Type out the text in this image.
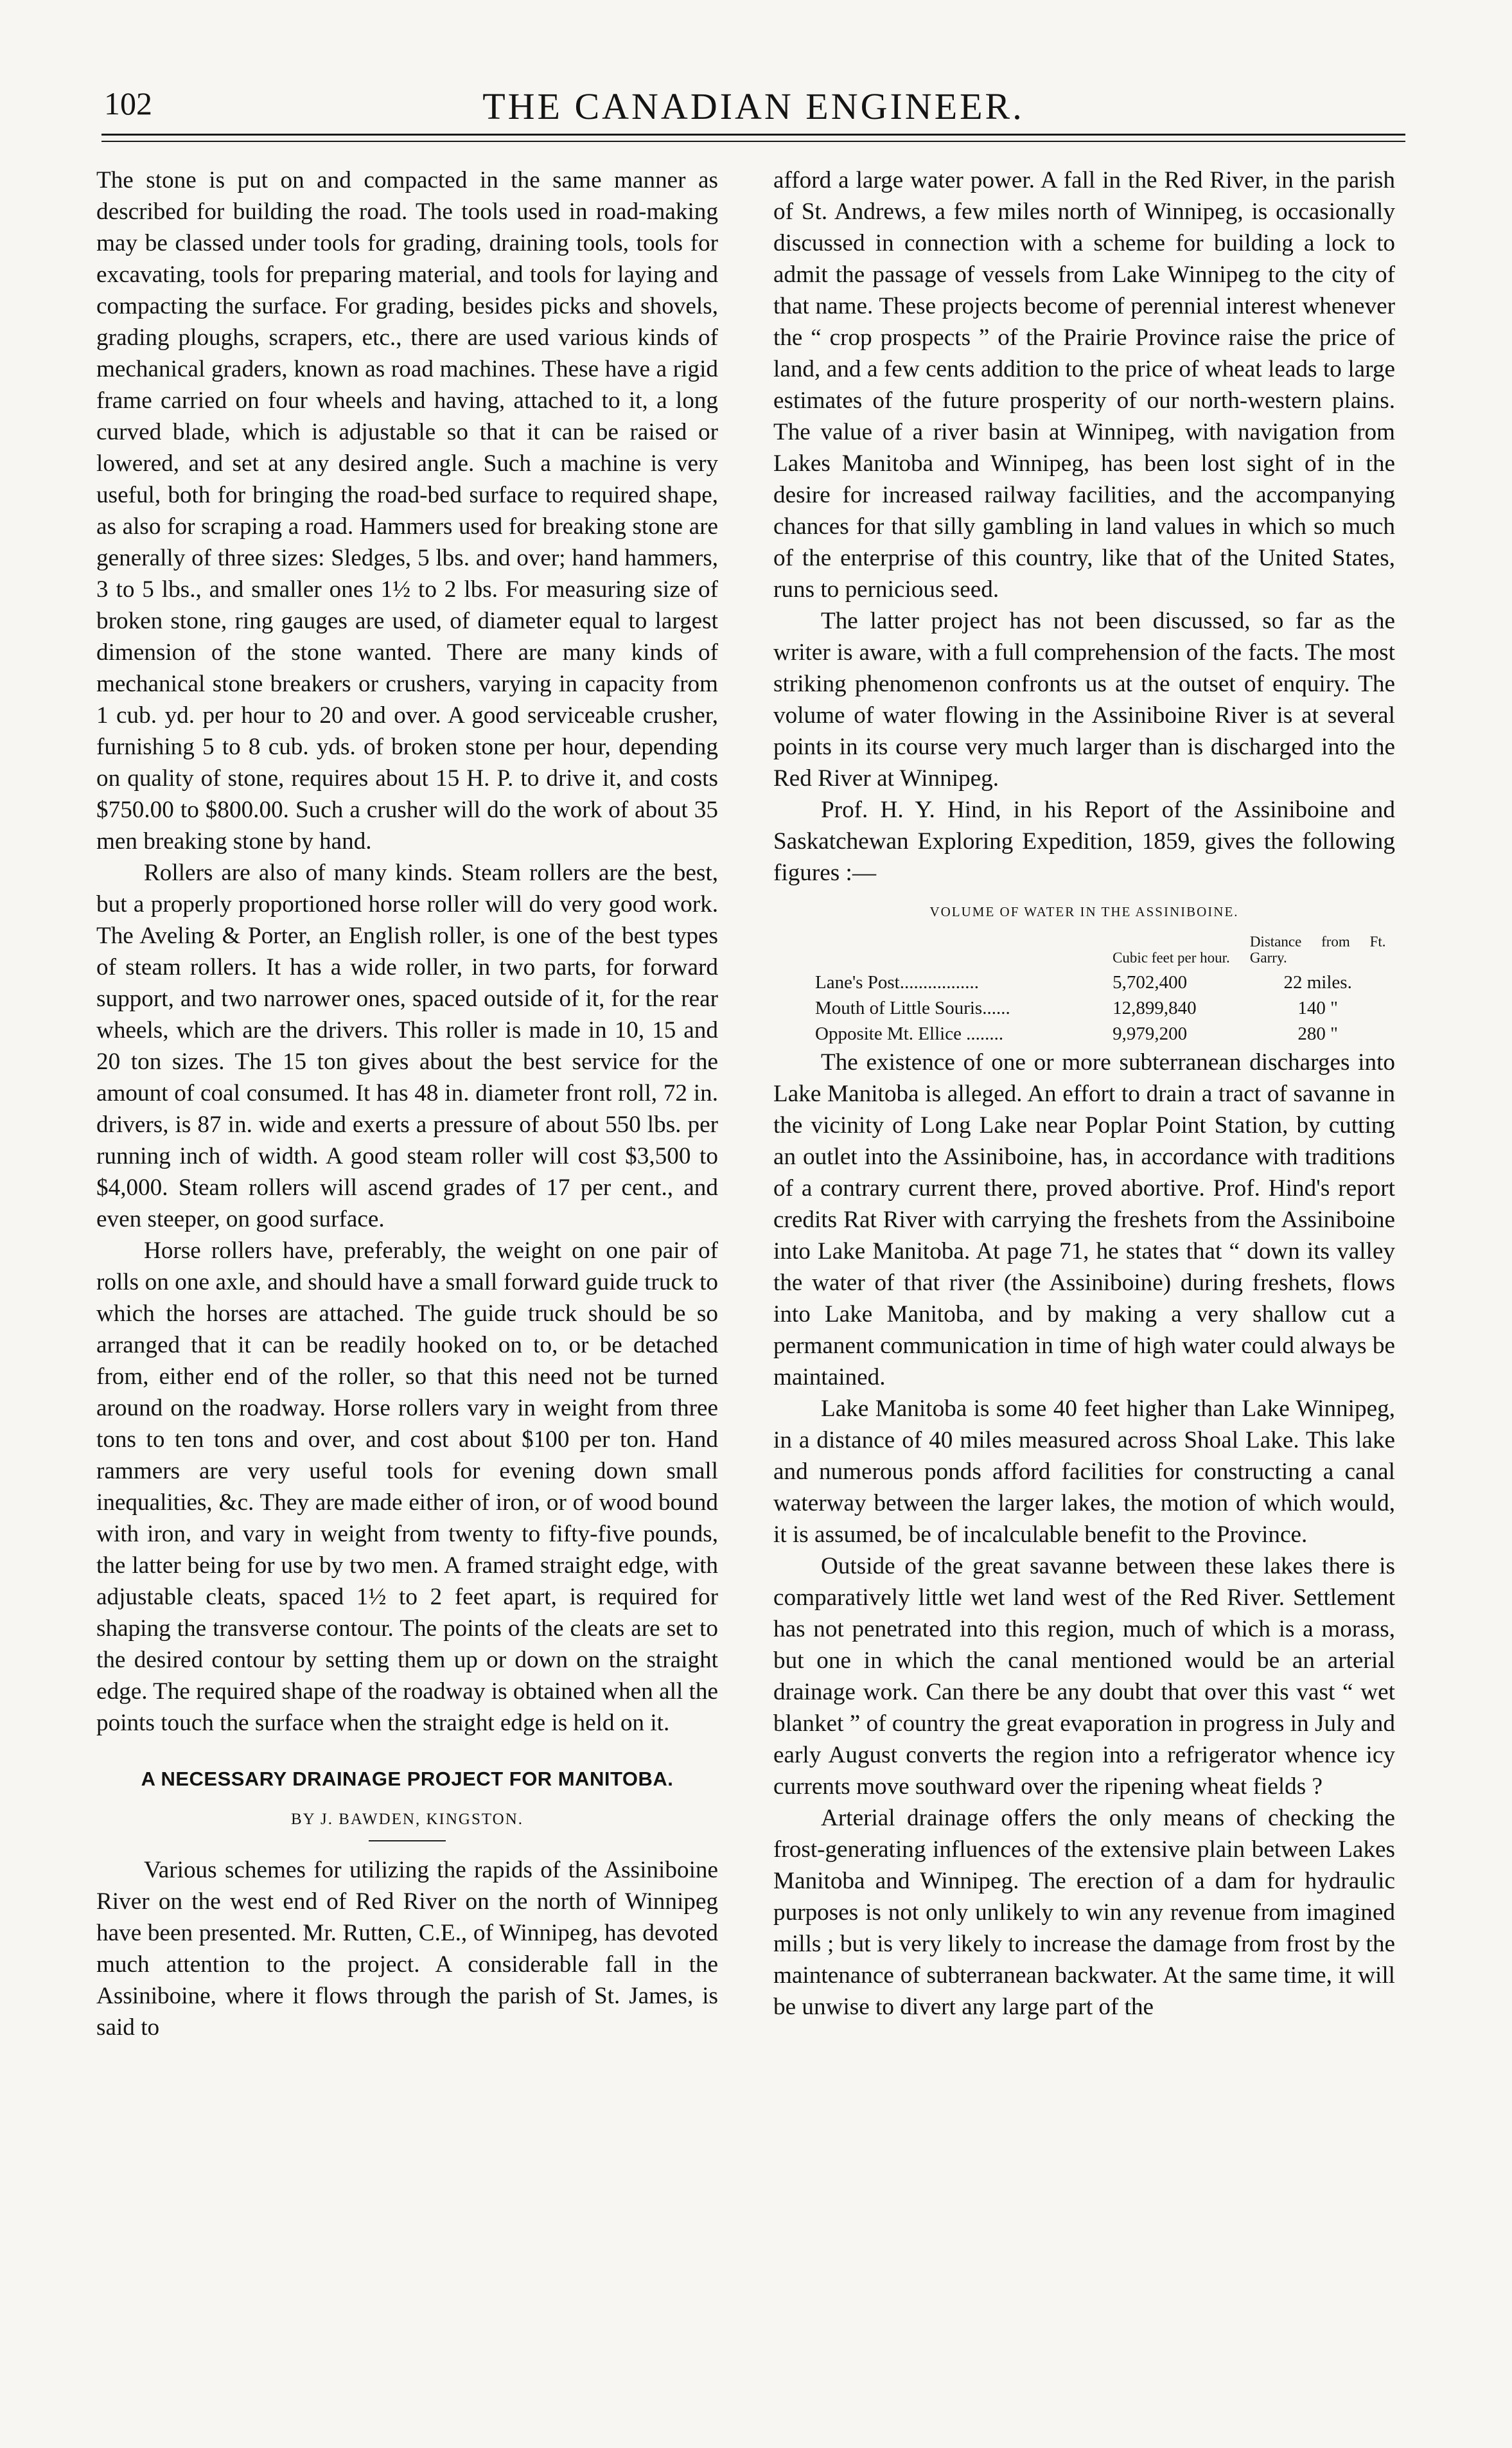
102	THE CANADIAN ENGINEER.

The stone is put on and compacted in the same manner as described for building the road. The tools used in road-making may be classed under tools for grading, draining tools, tools for excavating, tools for preparing material, and tools for laying and compacting the surface. For grading, besides picks and shovels, grading ploughs, scrapers, etc., there are used various kinds of mechanical graders, known as road machines. These have a rigid frame carried on four wheels and having, attached to it, a long curved blade, which is adjustable so that it can be raised or lowered, and set at any desired angle. Such a machine is very useful, both for bringing the road-bed surface to required shape, as also for scraping a road. Hammers used for breaking stone are generally of three sizes: Sledges, 5 lbs. and over; hand hammers, 3 to 5 lbs., and smaller ones 1½ to 2 lbs. For measuring size of broken stone, ring gauges are used, of diameter equal to largest dimension of the stone wanted. There are many kinds of mechanical stone breakers or crushers, varying in capacity from 1 cub. yd. per hour to 20 and over. A good serviceable crusher, furnishing 5 to 8 cub. yds. of broken stone per hour, depending on quality of stone, requires about 15 H. P. to drive it, and costs $750.00 to $800.00. Such a crusher will do the work of about 35 men breaking stone by hand.

Rollers are also of many kinds. Steam rollers are the best, but a properly proportioned horse roller will do very good work. The Aveling & Porter, an English roller, is one of the best types of steam rollers. It has a wide roller, in two parts, for forward support, and two narrower ones, spaced outside of it, for the rear wheels, which are the drivers. This roller is made in 10, 15 and 20 ton sizes. The 15 ton gives about the best service for the amount of coal consumed. It has 48 in. diameter front roll, 72 in. drivers, is 87 in. wide and exerts a pressure of about 550 lbs. per running inch of width. A good steam roller will cost $3,500 to $4,000. Steam rollers will ascend grades of 17 per cent., and even steeper, on good surface.

Horse rollers have, preferably, the weight on one pair of rolls on one axle, and should have a small forward guide truck to which the horses are attached. The guide truck should be so arranged that it can be readily hooked on to, or be detached from, either end of the roller, so that this need not be turned around on the roadway. Horse rollers vary in weight from three tons to ten tons and over, and cost about $100 per ton. Hand rammers are very useful tools for evening down small inequalities, &c. They are made either of iron, or of wood bound with iron, and vary in weight from twenty to fifty-five pounds, the latter being for use by two men. A framed straight edge, with adjustable cleats, spaced 1½ to 2 feet apart, is required for shaping the transverse contour. The points of the cleats are set to the desired contour by setting them up or down on the straight edge. The required shape of the roadway is obtained when all the points touch the surface when the straight edge is held on it.

A NECESSARY DRAINAGE PROJECT FOR MANITOBA.
BY J. BAWDEN, KINGSTON.

Various schemes for utilizing the rapids of the Assiniboine River on the west end of Red River on the north of Winnipeg have been presented. Mr. Rutten, C.E., of Winnipeg, has devoted much attention to the project. A considerable fall in the Assiniboine, where it flows through the parish of St. James, is said to

afford a large water power. A fall in the Red River, in the parish of St. Andrews, a few miles north of Winnipeg, is occasionally discussed in connection with a scheme for building a lock to admit the passage of vessels from Lake Winnipeg to the city of that name. These projects become of perennial interest whenever the “ crop prospects ” of the Prairie Province raise the price of land, and a few cents addition to the price of wheat leads to large estimates of the future prosperity of our north-western plains. The value of a river basin at Winnipeg, with navigation from Lakes Manitoba and Winnipeg, has been lost sight of in the desire for increased railway facilities, and the accompanying chances for that silly gambling in land values in which so much of the enterprise of this country, like that of the United States, runs to pernicious seed.

The latter project has not been discussed, so far as the writer is aware, with a full comprehension of the facts. The most striking phenomenon confronts us at the outset of enquiry. The volume of water flowing in the Assiniboine River is at several points in its course very much larger than is discharged into the Red River at Winnipeg.

Prof. H. Y. Hind, in his Report of the Assiniboine and Saskatchewan Exploring Expedition, 1859, gives the following figures :—

VOLUME OF WATER IN THE ASSINIBOINE.
	Cubic feet per hour.	Distance from Ft. Garry.
Lane's Post.................	5,702,400	22 miles.
Mouth of Little Souris......	12,899,840	140 "
Opposite Mt. Ellice ........	9,979,200	280 "

The existence of one or more subterranean discharges into Lake Manitoba is alleged. An effort to drain a tract of savanne in the vicinity of Long Lake near Poplar Point Station, by cutting an outlet into the Assiniboine, has, in accordance with traditions of a contrary current there, proved abortive. Prof. Hind's report credits Rat River with carrying the freshets from the Assiniboine into Lake Manitoba. At page 71, he states that “ down its valley the water of that river (the Assiniboine) during freshets, flows into Lake Manitoba, and by making a very shallow cut a permanent communication in time of high water could always be maintained.

Lake Manitoba is some 40 feet higher than Lake Winnipeg, in a distance of 40 miles measured across Shoal Lake. This lake and numerous ponds afford facilities for constructing a canal waterway between the larger lakes, the motion of which would, it is assumed, be of incalculable benefit to the Province.

Outside of the great savanne between these lakes there is comparatively little wet land west of the Red River. Settlement has not penetrated into this region, much of which is a morass, but one in which the canal mentioned would be an arterial drainage work. Can there be any doubt that over this vast “ wet blanket ” of country the great evaporation in progress in July and early August converts the region into a refrigerator whence icy currents move southward over the ripening wheat fields ?

Arterial drainage offers the only means of checking the frost-generating influences of the extensive plain between Lakes Manitoba and Winnipeg. The erection of a dam for hydraulic purposes is not only unlikely to win any revenue from imagined mills ; but is very likely to increase the damage from frost by the maintenance of subterranean backwater. At the same time, it will be unwise to divert any large part of the
